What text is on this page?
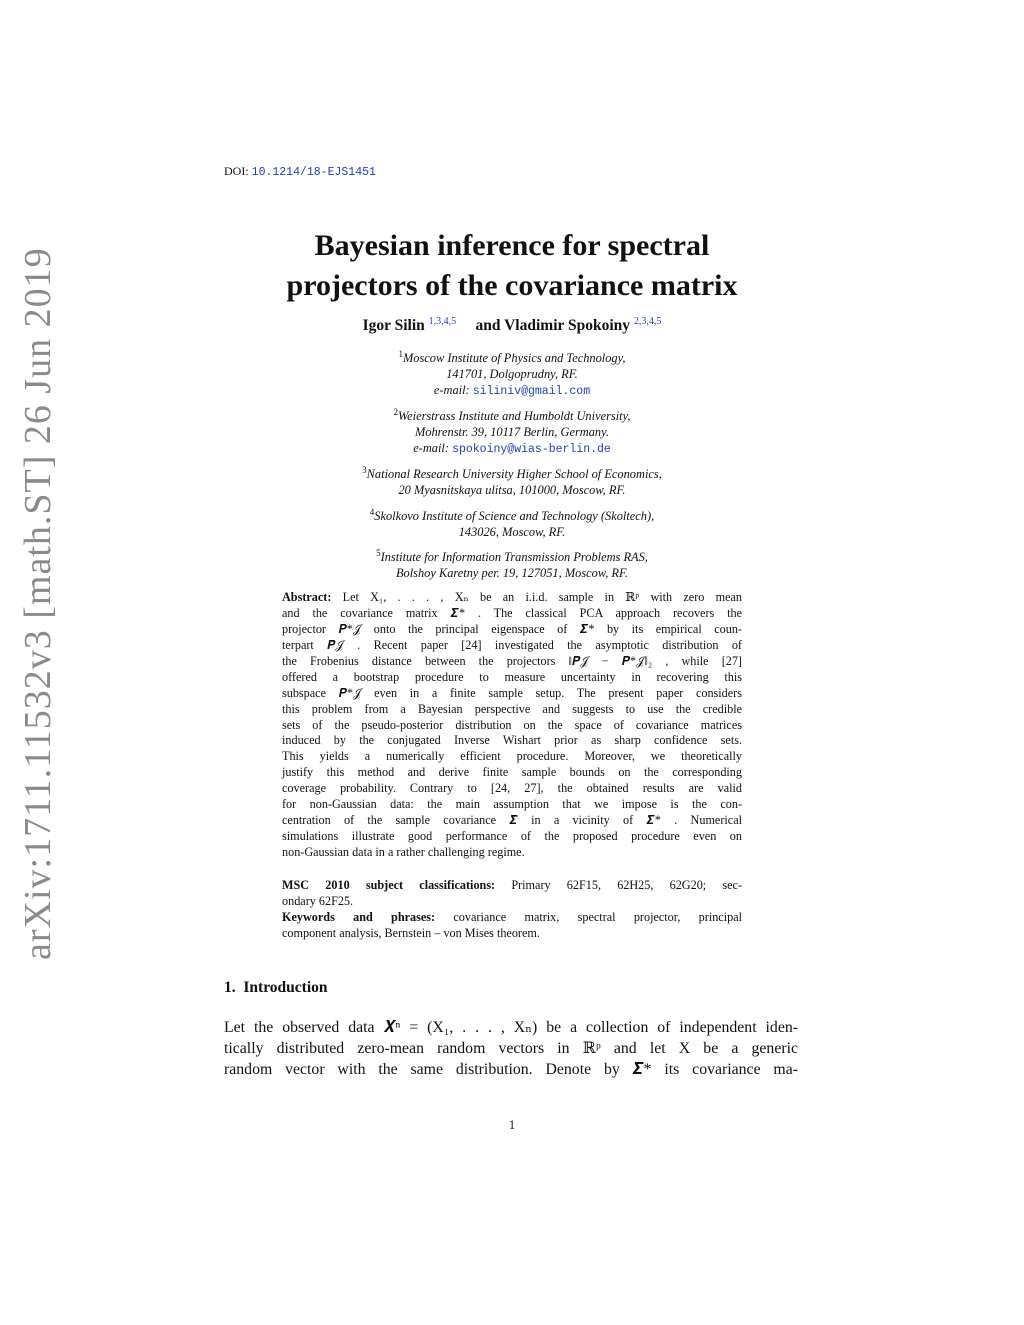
DOI: 10.1214/18-EJS1451
arXiv:1711.11532v3 [math.ST] 26 Jun 2019
Bayesian inference for spectral
projectors of the covariance matrix
Igor Silin $^{1,3,4,5}$ and Vladimir Spokoiny $^{2,3,4,5}$
$^1$Moscow Institute of Physics and Technology,
141701, Dolgoprudny, RF.
e-mail: siliniv@gmail.com
$^2$Weierstrass Institute and Humboldt University,
Mohrenstr. 39, 10117 Berlin, Germany.
e-mail: spokoiny@wias-berlin.de
$^3$National Research University Higher School of Economics,
20 Myasnitskaya ulitsa, 101000, Moscow, RF.
$^4$Skolkovo Institute of Science and Technology (Skoltech),
143026, Moscow, RF.
$^5$Institute for Information Transmission Problems RAS,
Bolshoy Karetny per. 19, 127051, Moscow, RF.
Abstract: Let X₁, . . . , Xₙ be an i.i.d. sample in ℝᵖ with zero mean
and the covariance matrix 𝜮* . The classical PCA approach recovers the
projector 𝑷*𝒥 onto the principal eigenspace of 𝜮* by its empirical coun-
terpart 𝑷̂𝒥 . Recent paper [24] investigated the asymptotic distribution of
the Frobenius distance between the projectors ‖𝑷̂𝒥 − 𝑷*𝒥‖₂ , while [27]
offered a bootstrap procedure to measure uncertainty in recovering this
subspace 𝑷*𝒥 even in a finite sample setup. The present paper considers
this problem from a Bayesian perspective and suggests to use the credible
sets of the pseudo-posterior distribution on the space of covariance matrices
induced by the conjugated Inverse Wishart prior as sharp confidence sets.
This yields a numerically efficient procedure. Moreover, we theoretically
justify this method and derive finite sample bounds on the corresponding
coverage probability. Contrary to [24, 27], the obtained results are valid
for non-Gaussian data: the main assumption that we impose is the con-
centration of the sample covariance 𝜮̂ in a vicinity of 𝜮* . Numerical
simulations illustrate good performance of the proposed procedure even on
non-Gaussian data in a rather challenging regime.
MSC 2010 subject classifications: Primary 62F15, 62H25, 62G20; sec-
ondary 62F25.
Keywords and phrases: covariance matrix, spectral projector, principal
component analysis, Bernstein – von Mises theorem.
1. Introduction
Let the observed data 𝑿ⁿ = (X₁, . . . , Xₙ) be a collection of independent iden-
tically distributed zero-mean random vectors in ℝᵖ and let X be a generic
random vector with the same distribution. Denote by 𝜮* its covariance ma-
1
